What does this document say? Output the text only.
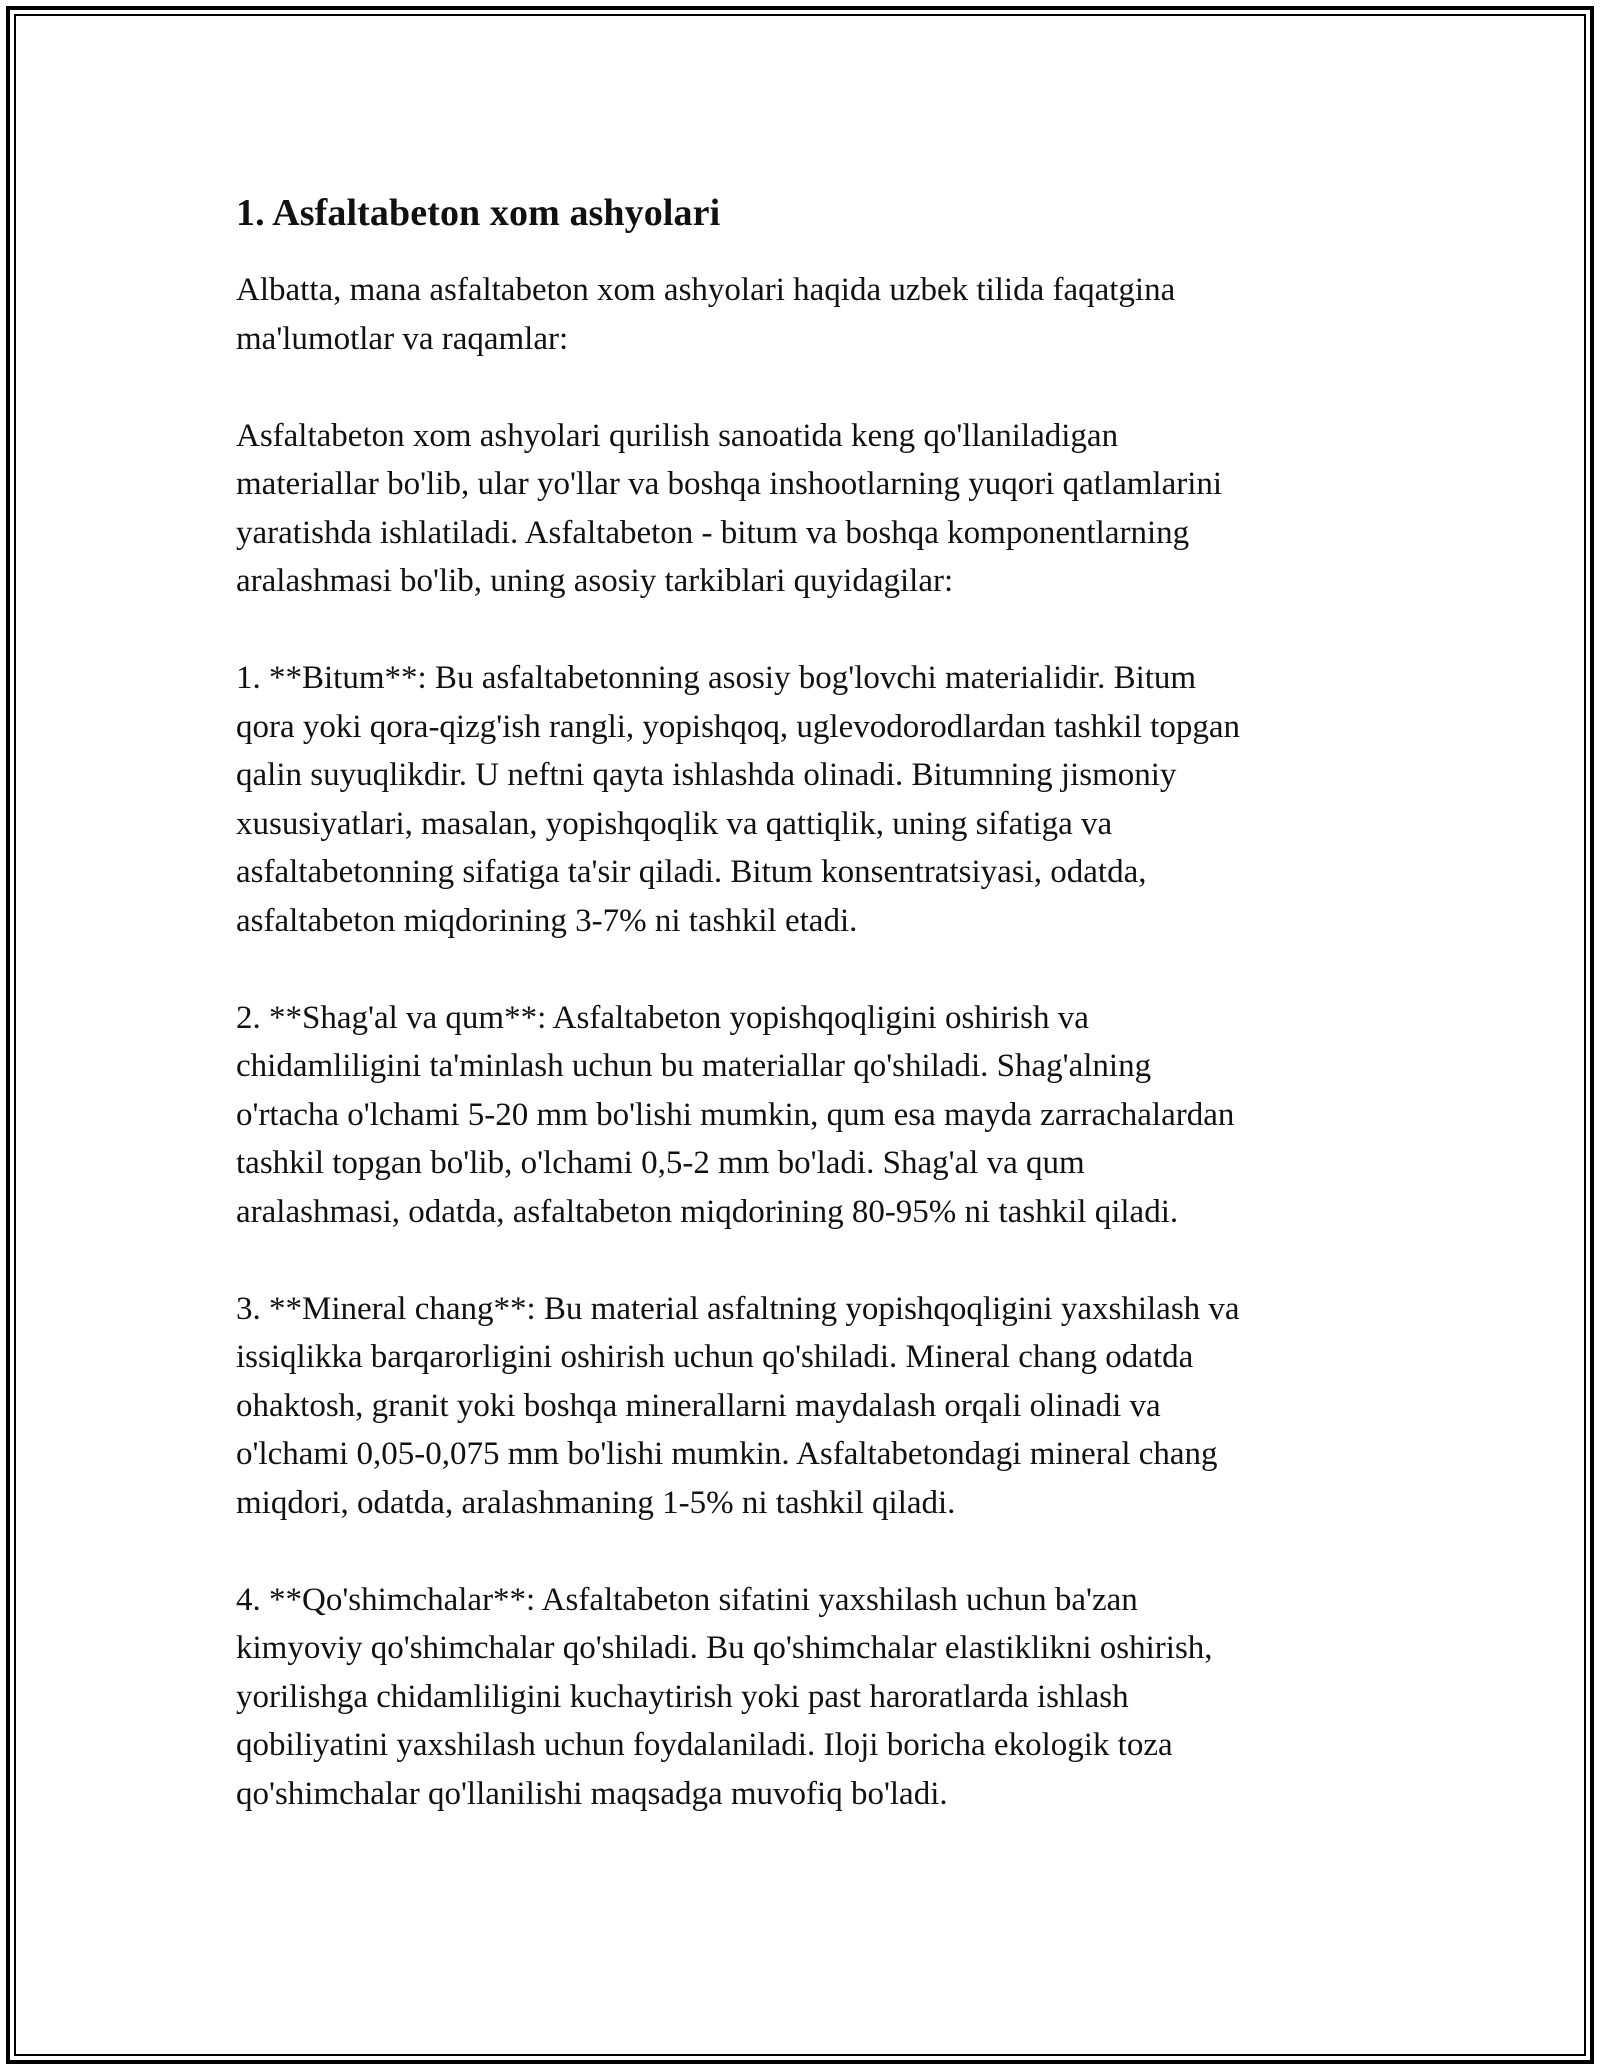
1. Asfaltabeton xom ashyolari

Albatta, mana asfaltabeton xom ashyolari haqida uzbek tilida faqatgina
ma'lumotlar va raqamlar:

Asfaltabeton xom ashyolari qurilish sanoatida keng qo'llaniladigan
materiallar bo'lib, ular yo'llar va boshqa inshootlarning yuqori qatlamlarini
yaratishda ishlatiladi. Asfaltabeton - bitum va boshqa komponentlarning
aralashmasi bo'lib, uning asosiy tarkiblari quyidagilar:

1. **Bitum**: Bu asfaltabetonning asosiy bog'lovchi materialidir. Bitum
qora yoki qora-qizg'ish rangli, yopishqoq, uglevodorodlardan tashkil topgan
qalin suyuqlikdir. U neftni qayta ishlashda olinadi. Bitumning jismoniy
xususiyatlari, masalan, yopishqoqlik va qattiqlik, uning sifatiga va
asfaltabetonning sifatiga ta'sir qiladi. Bitum konsentratsiyasi, odatda,
asfaltabeton miqdorining 3-7% ni tashkil etadi.

2. **Shag'al va qum**: Asfaltabeton yopishqoqligini oshirish va
chidamliligini ta'minlash uchun bu materiallar qo'shiladi. Shag'alning
o'rtacha o'lchami 5-20 mm bo'lishi mumkin, qum esa mayda zarrachalardan
tashkil topgan bo'lib, o'lchami 0,5-2 mm bo'ladi. Shag'al va qum
aralashmasi, odatda, asfaltabeton miqdorining 80-95% ni tashkil qiladi.

3. **Mineral chang**: Bu material asfaltning yopishqoqligini yaxshilash va
issiqlikka barqarorligini oshirish uchun qo'shiladi. Mineral chang odatda
ohaktosh, granit yoki boshqa minerallarni maydalash orqali olinadi va
o'lchami 0,05-0,075 mm bo'lishi mumkin. Asfaltabetondagi mineral chang
miqdori, odatda, aralashmaning 1-5% ni tashkil qiladi.

4. **Qo'shimchalar**: Asfaltabeton sifatini yaxshilash uchun ba'zan
kimyoviy qo'shimchalar qo'shiladi. Bu qo'shimchalar elastiklikni oshirish,
yorilishga chidamliligini kuchaytirish yoki past haroratlarda ishlash
qobiliyatini yaxshilash uchun foydalaniladi. Iloji boricha ekologik toza
qo'shimchalar qo'llanilishi maqsadga muvofiq bo'ladi.
